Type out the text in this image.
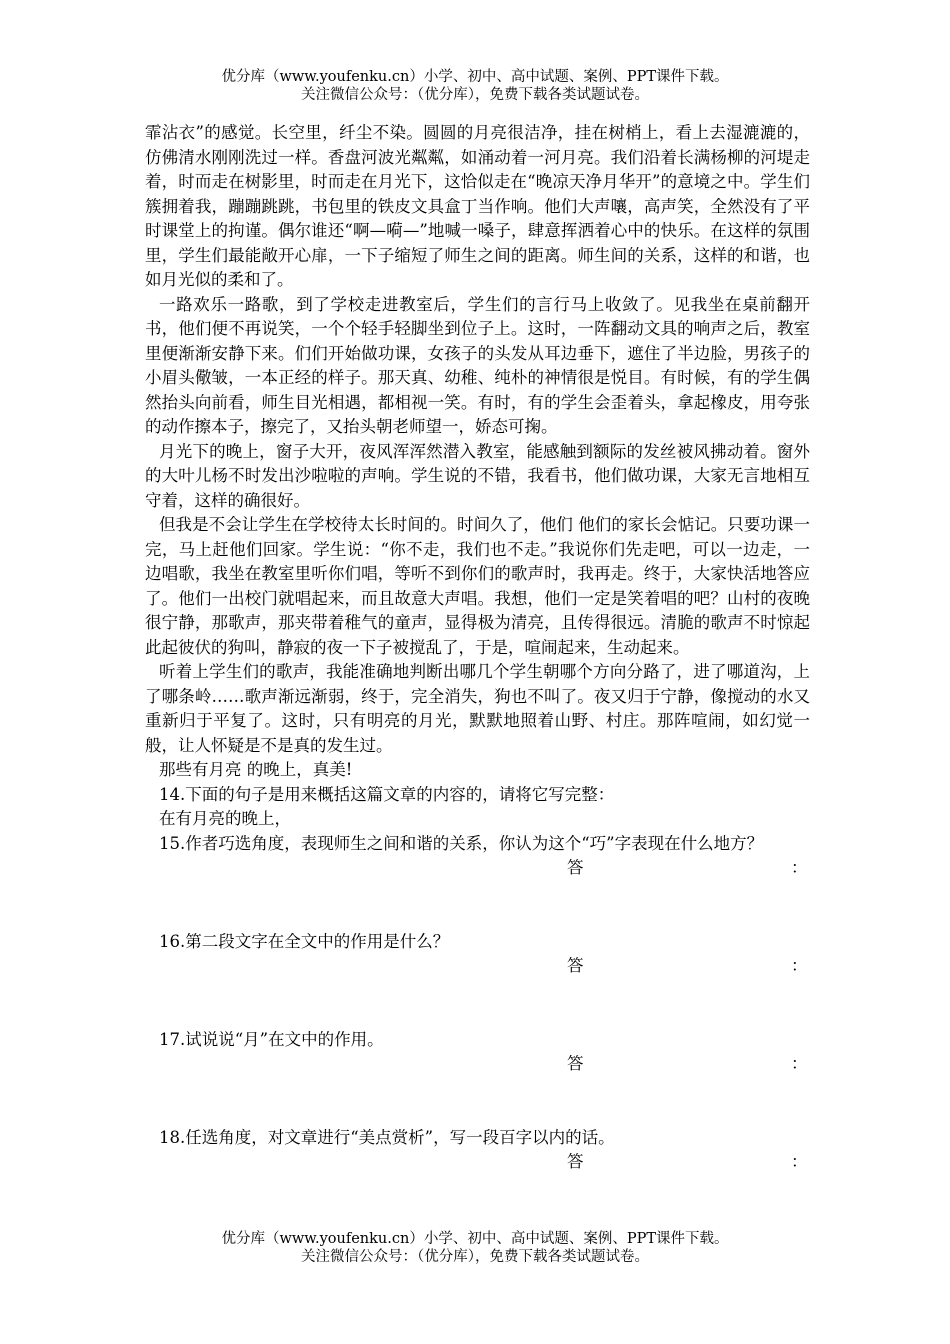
优分库（www.youfenku.cn）小学、初中、高中试题、案例、PPT课件下载。
关注微信公众号：（优分库），免费下载各类试题试卷。

霏沾衣”的感觉。长空里，纤尘不染。圆圆的月亮很洁净，挂在树梢上，看上去湿漉漉的，仿佛清水刚刚洗过一样。香盘河波光粼粼，如涌动着一河月亮。我们沿着长满杨柳的河堤走着，时而走在树影里，时而走在月光下，这恰似走在“晚凉天净月华开”的意境之中。学生们簇拥着我，蹦蹦跳跳，书包里的铁皮文具盒丁当作响。他们大声嚷，高声笑，全然没有了平时课堂上的拘谨。偶尔谁还“啊—嗬—”地喊一嗓子，肆意挥洒着心中的快乐。在这样的氛围里，学生们最能敞开心扉，一下子缩短了师生之间的距离。师生间的关系，这样的和谐，也如月光似的柔和了。

一路欢乐一路歌，到了学校走进教室后，学生们的言行马上收敛了。见我坐在桌前翻开书，他们便不再说笑，一个个轻手轻脚坐到位子上。这时，一阵翻动文具的响声之后，教室里便渐渐安静下来。们们开始做功课，女孩子的头发从耳边垂下，遮住了半边脸，男孩子的小眉头儆皱，一本正经的样子。那天真、幼稚、纯朴的神情很是悦目。有时候，有的学生偶然抬头向前看，师生目光相遇，都相视一笑。有时，有的学生会歪着头，拿起橡皮，用夸张的动作擦本子，擦完了，又抬头朝老师望一，娇态可掬。

月光下的晚上，窗子大开，夜风浑浑然潜入教室，能感触到额际的发丝被风拂动着。窗外的大叶儿杨不时发出沙啦啦的声响。学生说的不错，我看书，他们做功课，大家无言地相互守着，这样的确很好。

但我是不会让学生在学校待太长时间的。时间久了，他们 他们的家长会惦记。只要功课一完，马上赶他们回家。学生说：“你不走，我们也不走。”我说你们先走吧，可以一边走，一边唱歌，我坐在教室里听你们唱，等听不到你们的歌声时，我再走。终于，大家快活地答应了。他们一出校门就唱起来，而且故意大声唱。我想，他们一定是笑着唱的吧？山村的夜晚很宁静，那歌声，那夹带着稚气的童声，显得极为清亮，且传得很远。清脆的歌声不时惊起此起彼伏的狗叫，静寂的夜一下子被搅乱了，于是，喧闹起来，生动起来。

听着上学生们的歌声，我能准确地判断出哪几个学生朝哪个方向分路了，进了哪道沟，上了哪条岭……歌声渐远渐弱，终于，完全消失，狗也不叫了。夜又归于宁静，像搅动的水又重新归于平复了。这时，只有明亮的月光，默默地照着山野、村庄。那阵喧闹，如幻觉一般，让人怀疑是不是真的发生过。

那些有月亮 的晚上，真美!

14.下面的句子是用来概括这篇文章的内容的，请将它写完整：

在有月亮的晚上，

15.作者巧选角度，表现师生之间和谐的关系，你认为这个“巧”字表现在什么地方？

答	：

16.第二段文字在全文中的作用是什么？

答	：

17.试说说“月”在文中的作用。

答	：

18.任选角度，对文章进行“美点赏析”，写一段百字以内的话。

答	：
优分库（www.youfenku.cn）小学、初中、高中试题、案例、PPT课件下载。
关注微信公众号：（优分库），免费下载各类试题试卷。
